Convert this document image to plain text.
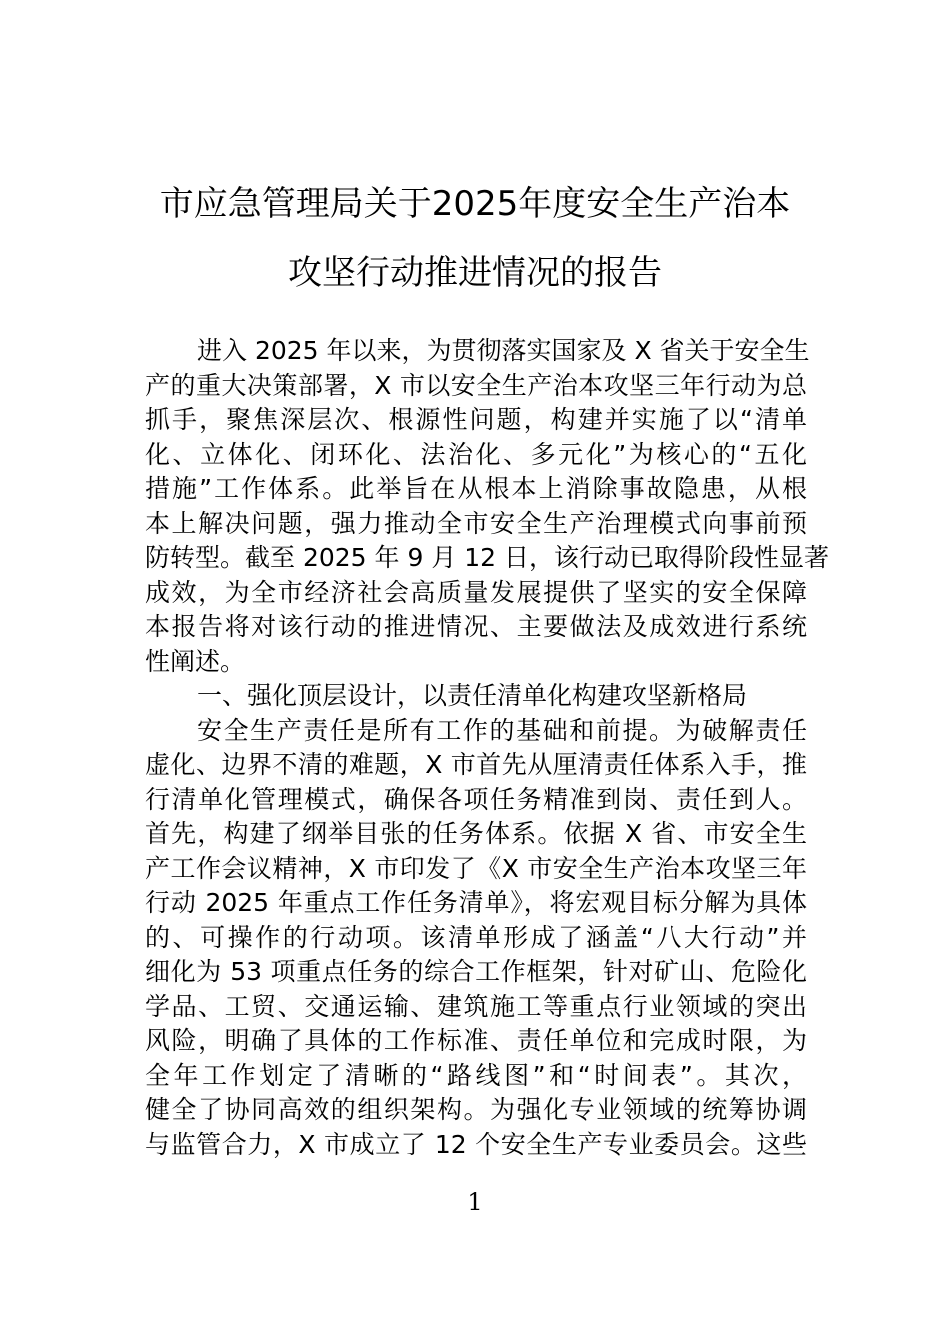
市应急管理局关于2025年度安全生产治本
攻坚行动推进情况的报告
进入 2025 年以来，为贯彻落实国家及 X 省关于安全生
产的重大决策部署，X 市以安全生产治本攻坚三年行动为总
抓手，聚焦深层次、根源性问题，构建并实施了以“清单
化、立体化、闭环化、法治化、多元化”为核心的“五化
措施”工作体系。此举旨在从根本上消除事故隐患，从根
本上解决问题，强力推动全市安全生产治理模式向事前预
防转型。截至 2025 年 9 月 12 日，该行动已取得阶段性显著
成效，为全市经济社会高质量发展提供了坚实的安全保障
本报告将对该行动的推进情况、主要做法及成效进行系统
性阐述。
一、强化顶层设计，以责任清单化构建攻坚新格局
安全生产责任是所有工作的基础和前提。为破解责任
虚化、边界不清的难题，X 市首先从厘清责任体系入手，推
行清单化管理模式，确保各项任务精准到岗、责任到人。
首先，构建了纲举目张的任务体系。依据 X 省、市安全生
产工作会议精神，X 市印发了《X 市安全生产治本攻坚三年
行动 2025 年重点工作任务清单》，将宏观目标分解为具体
的、可操作的行动项。该清单形成了涵盖“八大行动”并
细化为 53 项重点任务的综合工作框架，针对矿山、危险化
学品、工贸、交通运输、建筑施工等重点行业领域的突出
风险，明确了具体的工作标准、责任单位和完成时限，为
全年工作划定了清晰的“路线图”和“时间表”。其次，
健全了协同高效的组织架构。为强化专业领域的统筹协调
与监管合力，X 市成立了 12 个安全生产专业委员会。这些
1
